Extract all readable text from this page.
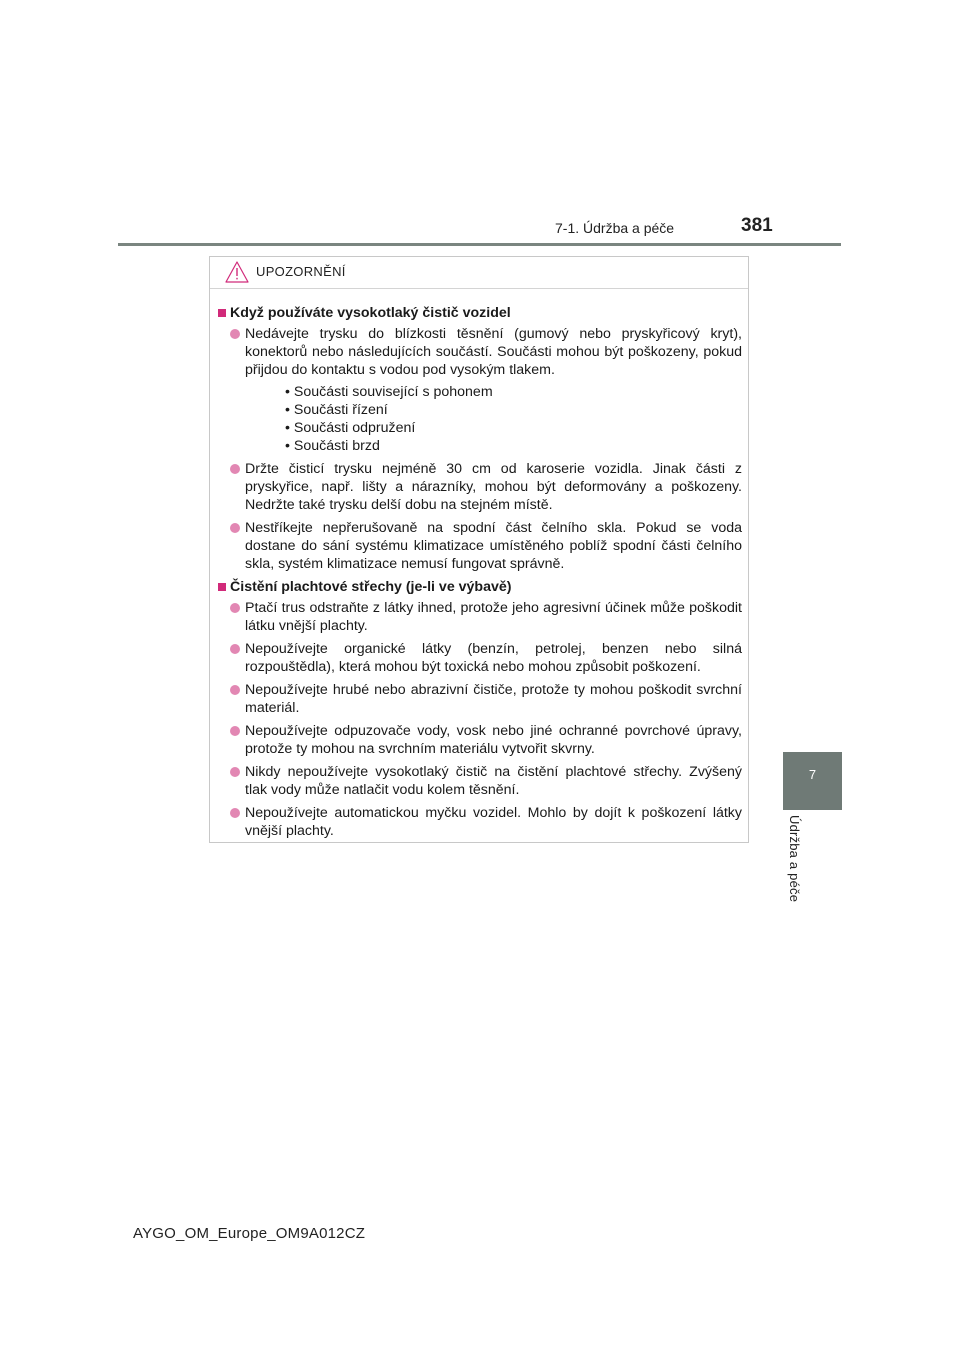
7-1. Údržba a péče	381
7
Údržba a péče
UPOZORNĚNÍ
Když používáte vysokotlaký čistič vozidel
Nedávejte trysku do blízkosti těsnění (gumový nebo pryskyřicový kryt), konektorů nebo následujících součástí. Součásti mohou být poškozeny, pokud přijdou do kontaktu s vodou pod vysokým tlakem.
• Součásti související s pohonem
• Součásti řízení
• Součásti odpružení
• Součásti brzd
Držte čisticí trysku nejméně 30 cm od karoserie vozidla. Jinak části z pryskyřice, např. lišty a nárazníky, mohou být deformovány a poškozeny. Nedržte také trysku delší dobu na stejném místě.
Nestříkejte nepřerušovaně na spodní část čelního skla. Pokud se voda dostane do sání systému klimatizace umístěného poblíž spodní části čelního skla, systém klimatizace nemusí fungovat správně.
Čistění plachtové střechy (je-li ve výbavě)
Ptačí trus odstraňte z látky ihned, protože jeho agresivní účinek může poškodit látku vnější plachty.
Nepoužívejte organické látky (benzín, petrolej, benzen nebo silná rozpouštědla), která mohou být toxická nebo mohou způsobit poškození.
Nepoužívejte hrubé nebo abrazivní čističe, protože ty mohou poškodit svrchní materiál.
Nepoužívejte odpuzovače vody, vosk nebo jiné ochranné povrchové úpravy, protože ty mohou na svrchním materiálu vytvořit skvrny.
Nikdy nepoužívejte vysokotlaký čistič na čistění plachtové střechy. Zvýšený tlak vody může natlačit vodu kolem těsnění.
Nepoužívejte automatickou myčku vozidel. Mohlo by dojít k poškození látky vnější plachty.
AYGO_OM_Europe_OM9A012CZ
